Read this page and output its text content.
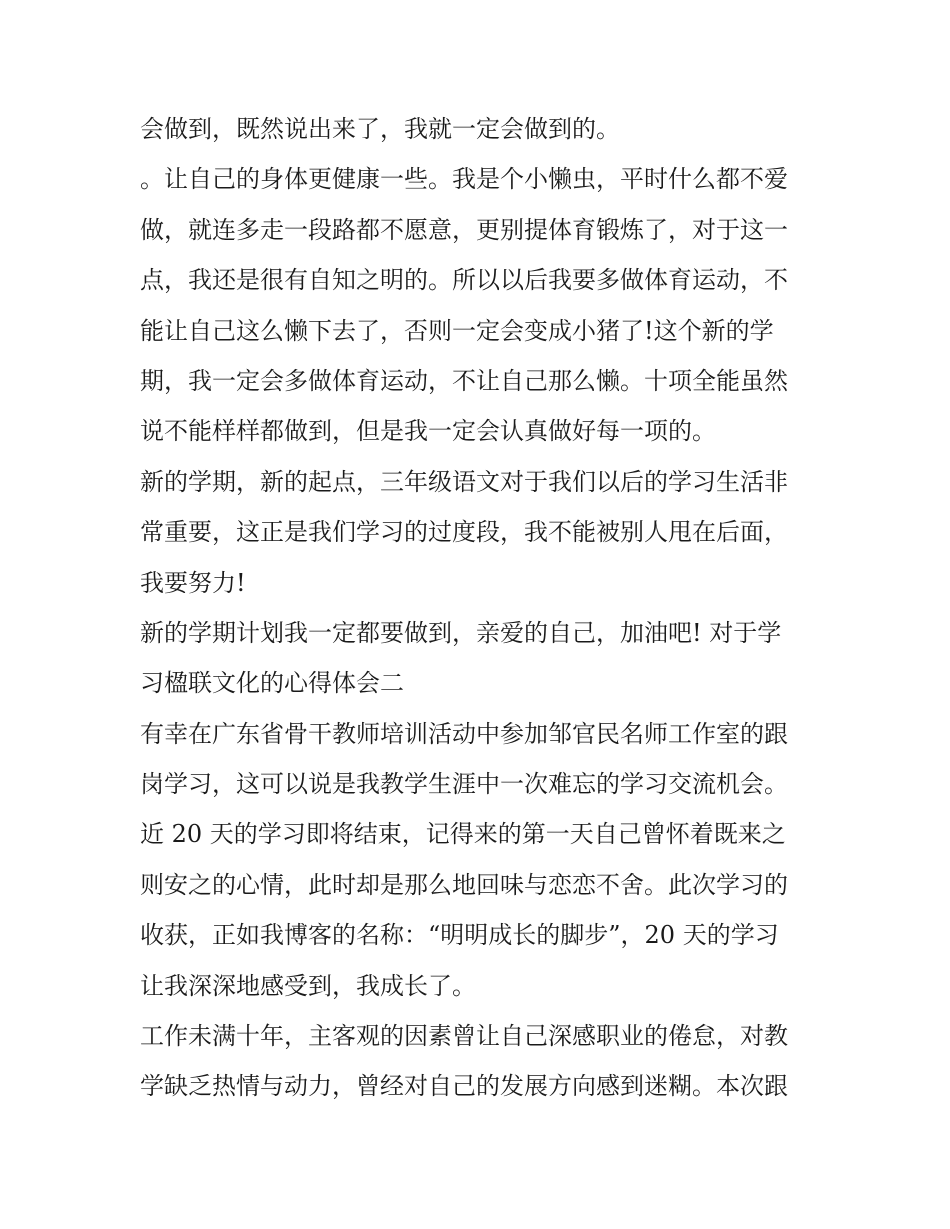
会做到，既然说出来了，我就一定会做到的。
。让自己的身体更健康一些。我是个小懒虫，平时什么都不爱
做，就连多走一段路都不愿意，更别提体育锻炼了，对于这一
点，我还是很有自知之明的。所以以后我要多做体育运动，不
能让自己这么懒下去了，否则一定会变成小猪了!这个新的学
期，我一定会多做体育运动，不让自己那么懒。十项全能虽然
说不能样样都做到，但是我一定会认真做好每一项的。
新的学期，新的起点，三年级语文对于我们以后的学习生活非
常重要，这正是我们学习的过度段，我不能被别人甩在后面，
我要努力!
新的学期计划我一定都要做到，亲爱的自己，加油吧! 对于学
习楹联文化的心得体会二
有幸在广东省骨干教师培训活动中参加邹官民名师工作室的跟
岗学习，这可以说是我教学生涯中一次难忘的学习交流机会。
近 20 天的学习即将结束，记得来的第一天自己曾怀着既来之
则安之的心情，此时却是那么地回味与恋恋不舍。此次学习的
收获，正如我博客的名称：“明明成长的脚步”，20 天的学习
让我深深地感受到，我成长了。
工作未满十年，主客观的因素曾让自己深感职业的倦怠，对教
学缺乏热情与动力，曾经对自己的发展方向感到迷糊。本次跟
